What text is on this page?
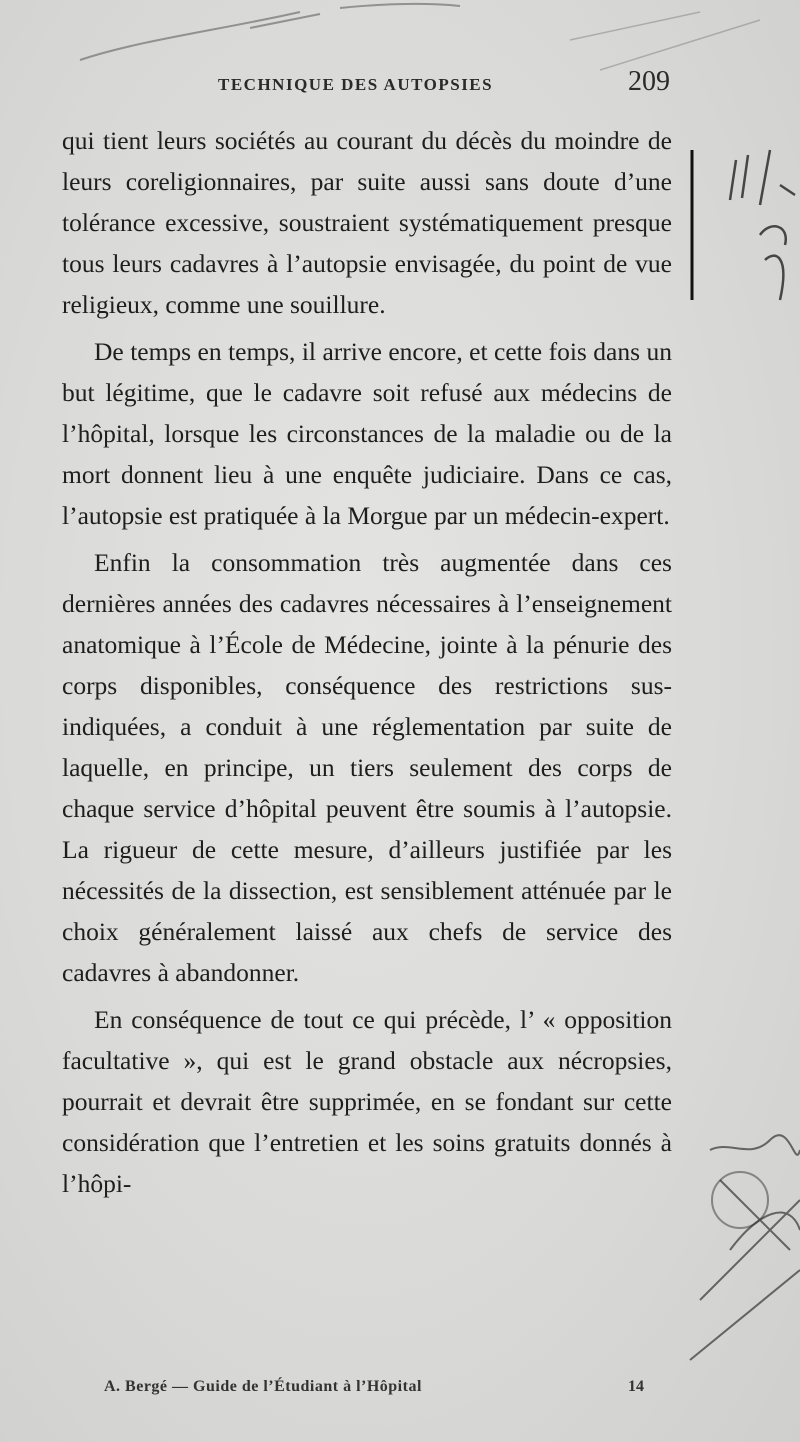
TECHNIQUE DES AUTOPSIES	209

qui tient leurs sociétés au courant du décès du moindre de leurs coreligionnaires, par suite aussi sans doute d’une tolérance excessive, soustraient systématiquement presque tous leurs cadavres à l’autopsie envisagée, du point de vue religieux, comme une souillure.

De temps en temps, il arrive encore, et cette fois dans un but légitime, que le cadavre soit refusé aux médecins de l’hôpital, lorsque les circonstances de la maladie ou de la mort donnent lieu à une enquête judiciaire. Dans ce cas, l’autopsie est pratiquée à la Morgue par un médecin-expert.

Enfin la consommation très augmentée dans ces dernières années des cadavres nécessaires à l’enseignement anatomique à l’École de Médecine, jointe à la pénurie des corps disponibles, conséquence des restrictions sus-indiquées, a conduit à une réglementation par suite de laquelle, en principe, un tiers seulement des corps de chaque service d’hôpital peuvent être soumis à l’autopsie. La rigueur de cette mesure, d’ailleurs justifiée par les nécessités de la dissection, est sensiblement atténuée par le choix généralement laissé aux chefs de service des cadavres à abandonner.

En conséquence de tout ce qui précède, l’ « opposition facultative », qui est le grand obstacle aux nécropsies, pourrait et devrait être supprimée, en se fondant sur cette considération que l’entretien et les soins gratuits donnés à l’hôpi-

A. Bergé — Guide de l’Étudiant à l’Hôpital	14
